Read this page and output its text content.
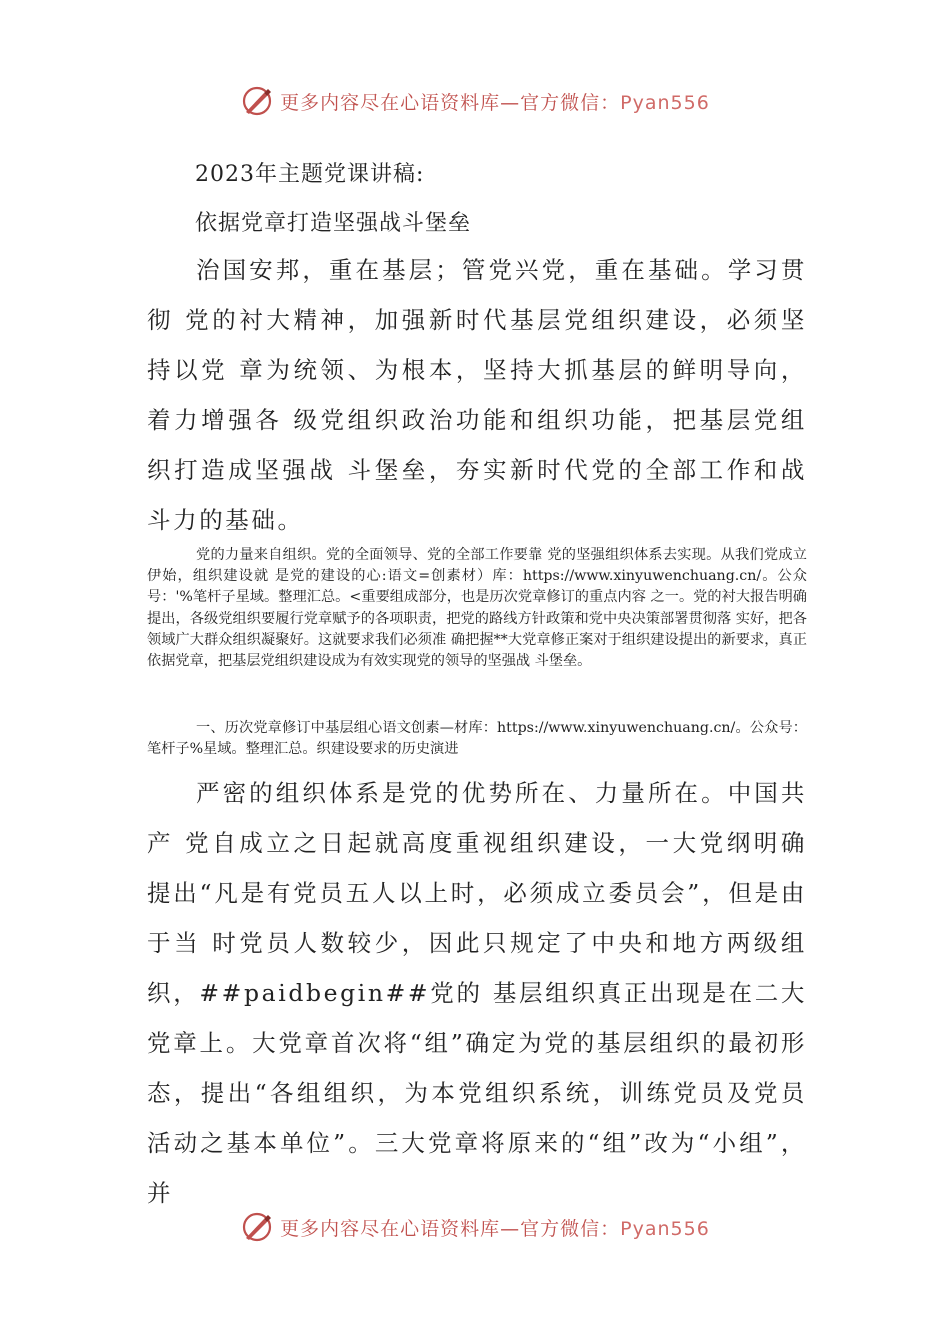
更多内容尽在心语资料库—官方微信：Pyan556
2023年主题党课讲稿:
依据党章打造坚强战斗堡垒

治国安邦，重在基层；管党兴党，重在基础。学习贯彻 党的衬大精神，加强新时代基层党组织建设，必须坚持以党 章为统领、为根本，坚持大抓基层的鲜明导向，着力增强各 级党组织政治功能和组织功能，把基层党组织打造成坚强战 斗堡垒，夯实新时代党的全部工作和战斗力的基础。

党的力量来自组织。党的全面领导、党的全部工作要靠 党的坚强组织体系去实现。从我们党成立伊始，组织建设就 是党的建设的心:语文=创素材）库：https://www.xinyuwenchuang.cn/。公众号：'%笔杆子星域。整理汇总。<重要组成部分，也是历次党章修订的重点内容 之一。党的衬大报告明确提出，各级党组织要履行党章赋予的各项职责，把党的路线方针政策和党中央决策部署贯彻落 实好，把各领域广大群众组织凝聚好。这就要求我们必须准 确把握**大党章修正案对于组织建设提出的新要求，真正依据党章，把基层党组织建设成为有效实现党的领导的坚强战 斗堡垒。

一、历次党章修订中基层组心语文创素—材库：https://www.xinyuwenchuang.cn/。公众号：笔杆子%星域。整理汇总。织建设要求的历史演进

严密的组织体系是党的优势所在、力量所在。中国共产 党自成立之日起就高度重视组织建设，一大党纲明确提出“凡是有党员五人以上时，必须成立委员会”，但是由于当 时党员人数较少，因此只规定了中央和地方两级组织，##paidbegin##党的 基层组织真正出现是在二大党章上。大党章首次将“组”确定为党的基层组织的最初形态，提出“各组组织，为本党组织系统，训练党员及党员活动之基本单位”。三大党章将原来的“组”改为“小组”，并

更多内容尽在心语资料库—官方微信：Pyan556
